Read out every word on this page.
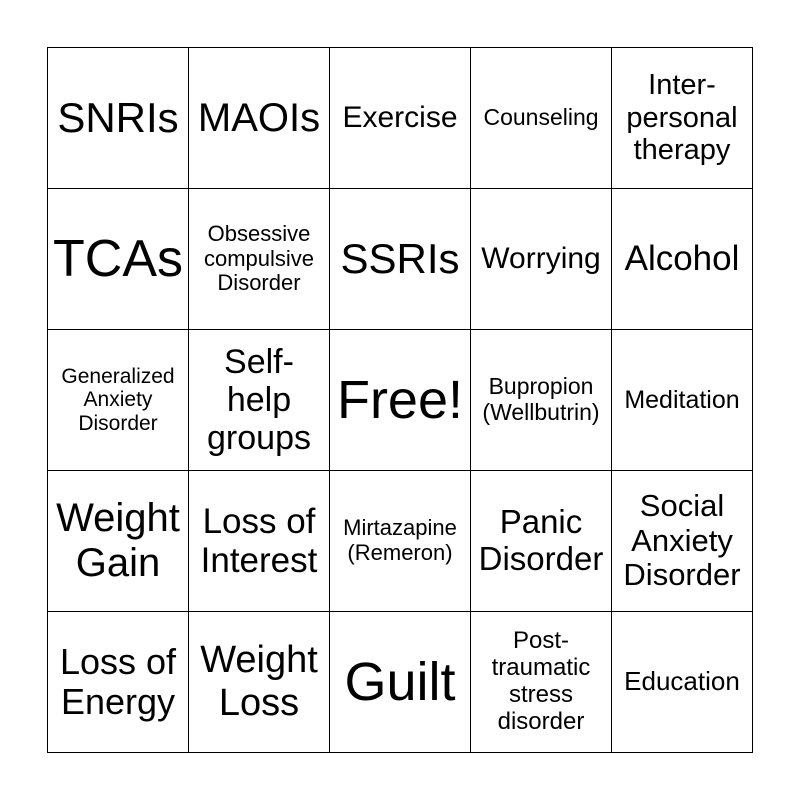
SNRIs MAOIs Exercise Counseling
Inter-
personal
therapy
TCAs Obsessive
compulsive
Disorder
SSRIs Worrying Alcohol
Generalized
Anxiety
Disorder
Self-
help
groups
Free! Bupropion
(Wellbutrin) Meditation
Weight
Gain
Loss of
Interest
Mirtazapine
(Remeron)
Panic
Disorder
Social
Anxiety
Disorder
Loss of
Energy
Weight
Loss Guilt
Post-
traumatic
stress
disorder
Education
